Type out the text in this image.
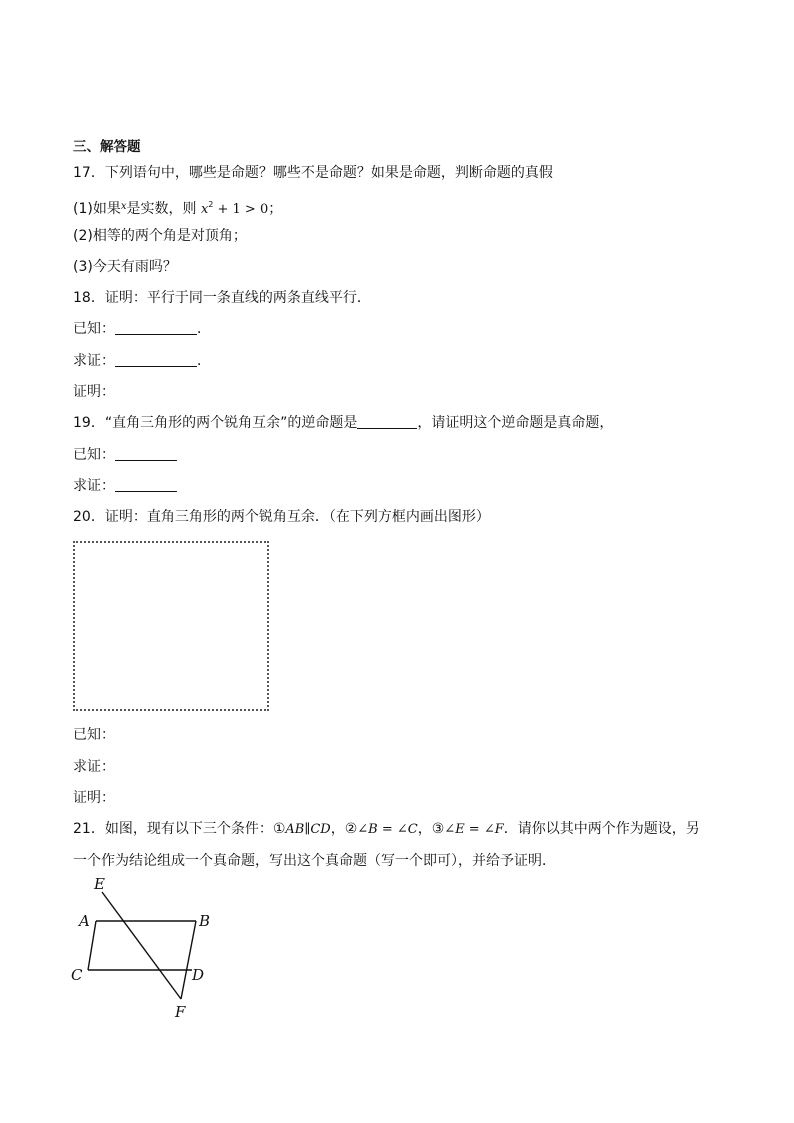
三、解答题
17．下列语句中，哪些是命题？哪些不是命题？如果是命题，判断命题的真假
(1)如果$^x$是实数，则 $x^2 + 1 > 0$；
(2)相等的两个角是对顶角；
(3)今天有雨吗？
18．证明：平行于同一条直线的两条直线平行．
已知：	．
求证：	．
证明：
19．“直角三角形的两个锐角互余”的逆命题是	，请证明这个逆命题是真命题，
已知：
求证：
20．证明：直角三角形的两个锐角互余．（在下列方框内画出图形）
已知：
求证：
证明：
21．如图，现有以下三个条件：①AB∥CD，②∠B = ∠C，③∠E = ∠F．请你以其中两个作为题设，另
一个作为结论组成一个真命题，写出这个真命题（写一个即可），并给予证明．
E
A	B
C	D
F
